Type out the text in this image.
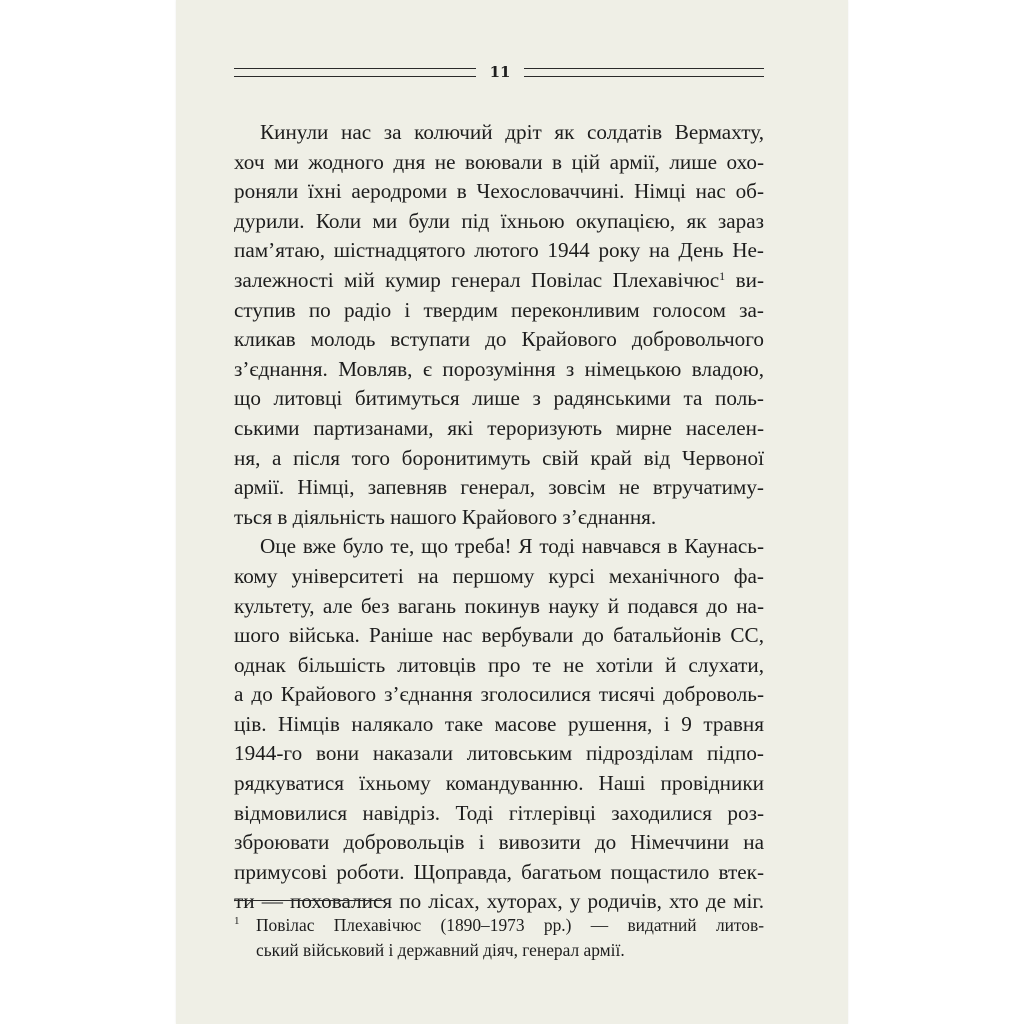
11
Кинули нас за колючий дріт як солдатів Вермахту,
хоч ми жодного дня не воювали в цій армії, лише охо-
роняли їхні аеродроми в Чехословаччині. Німці нас об-
дурили. Коли ми були під їхньою окупацією, як зараз
пам’ятаю, шістнадцятого лютого 1944 року на День Не-
залежності мій кумир генерал Повілас Плехавічюс$^1$ ви-
ступив по радіо і твердим переконливим голосом за-
кликав молодь вступати до Крайового добровольчого
з’єднання. Мовляв, є порозуміння з німецькою владою,
що литовці битимуться лише з радянськими та поль-
ськими партизанами, які тероризують мирне населен-
ня, а після того боронитимуть свій край від Червоної
армії. Німці, запевняв генерал, зовсім не втручатиму-
ться в діяльність нашого Крайового з’єднання.
Оце вже було те, що треба! Я тоді навчався в Каунась-
кому університеті на першому курсі механічного фа-
культету, але без вагань покинув науку й подався до на-
шого війська. Раніше нас вербували до батальйонів СС,
однак більшість литовців про те не хотіли й слухати,
а до Крайового з’єднання зголосилися тисячі доброволь-
ців. Німців налякало таке масове рушення, і 9 травня
1944-го вони наказали литовським підрозділам підпо-
рядкуватися їхньому командуванню. Наші провідники
відмовилися навідріз. Тоді гітлерівці заходилися роз-
зброювати добровольців і вивозити до Німеччини на
примусові роботи. Щоправда, багатьом пощастило втек-
ти — поховалися по лісах, хуторах, у родичів, хто де міг.
1 Повілас Плехавічюс (1890–1973 рр.) — видатний литов-
ський військовий і державний діяч, генерал армії.
